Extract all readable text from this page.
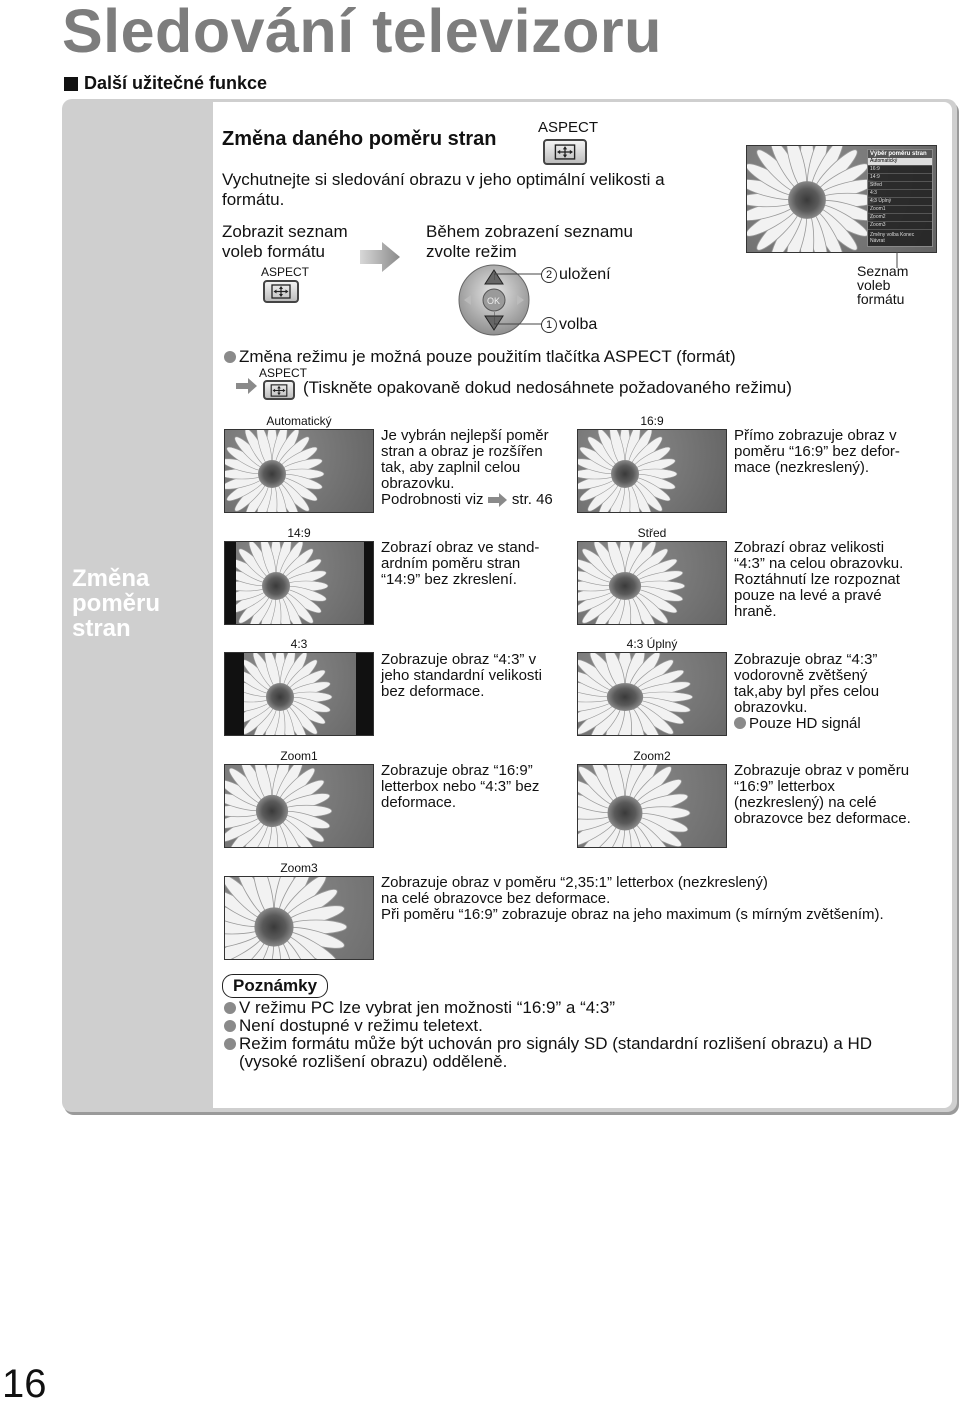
Sledování televizoru
Další užitečné funkce
Změna
poměru
stran
Změna daného poměru stran
ASPECT
Vychutnejte si sledování obrazu v jeho optimální velikosti a formátu.
Zobrazit seznam
voleb formátu
ASPECT
Během zobrazení seznamu
zvolte režim
OK
2 uložení
1 volba
Výběr poměru stran
Automatický
16:9
14:9
Střed
4:3
4:3 Úplný
Zoom1
Zoom2
Zoom3
Změny volba Konec Návrat
Seznam
voleb
formátu
Změna režimu je možná pouze použitím tlačítka ASPECT (formát)
ASPECT
(Tiskněte opakovaně dokud nedosáhnete požadovaného režimu)
Automatický
Je vybrán nejlepší poměr
stran a obraz je rozšířen
tak, aby zaplnil celou
obrazovku.
Podrobnosti viz str. 46
16:9
Přímo zobrazuje obraz v
poměru “16:9” bez defor-
mace (nezkreslený).
14:9
Zobrazí obraz ve stand-
ardním poměru stran
“14:9” bez zkreslení.
Střed
Zobrazí obraz velikosti
“4:3” na celou obrazovku.
Roztáhnutí lze rozpoznat
pouze na levé a pravé
hraně.
4:3
Zobrazuje obraz “4:3” v
jeho standardní velikosti
bez deformace.
4:3 Úplný
Zobrazuje obraz “4:3”
vodorovně zvětšený
tak,aby byl přes celou
obrazovku.
Pouze HD signál
Zoom1
Zobrazuje obraz “16:9”
letterbox nebo “4:3” bez
deformace.
Zoom2
Zobrazuje obraz v poměru
“16:9” letterbox
(nezkreslený) na celé
obrazovce bez deformace.
Zoom3
Zobrazuje obraz v poměru “2,35:1” letterbox (nezkreslený)
na celé obrazovce bez deformace.
Při poměru “16:9” zobrazuje obraz na jeho maximum (s mírným zvětšením).
Poznámky
V režimu PC lze vybrat jen možnosti “16:9” a “4:3”
Není dostupné v režimu teletext.
Režim formátu může být uchován pro signály SD (standardní rozlišení obrazu) a HD
(vysoké rozlišení obrazu) odděleně.
16
